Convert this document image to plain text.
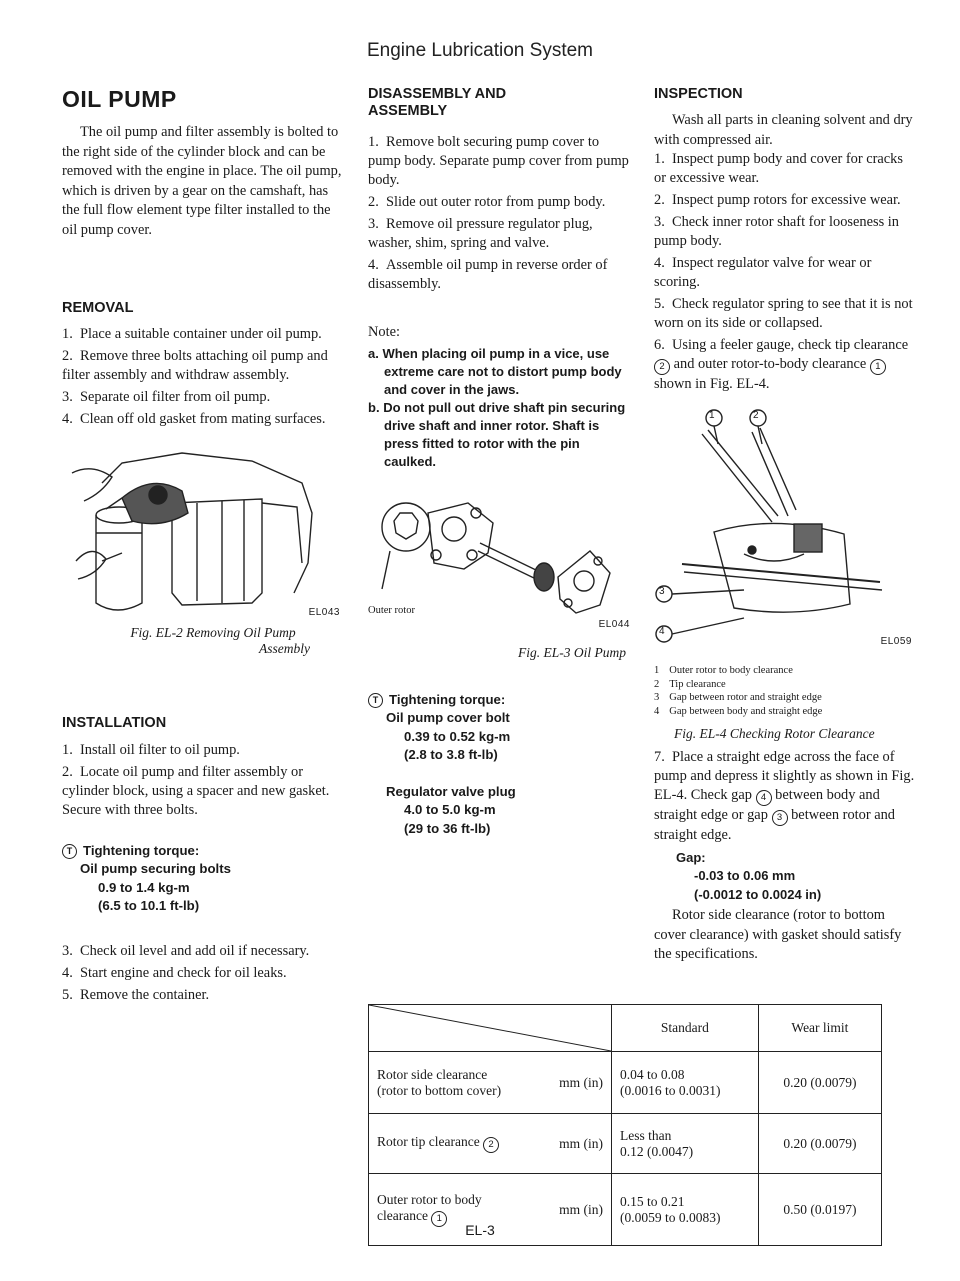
Engine Lubrication System
OIL PUMP

The oil pump and filter assembly is bolted to the right side of the cylinder block and can be removed with the engine in place. The oil pump, which is driven by a gear on the camshaft, has the full flow element type filter installed to the oil pump cover.

REMOVAL
1. Place a suitable container under oil pump.
2. Remove three bolts attaching oil pump and filter assembly and withdraw assembly.
3. Separate oil filter from oil pump.
4. Clean off old gasket from mating surfaces.
EL043
Fig. EL-2 Removing Oil Pump
Assembly
INSTALLATION
1. Install oil filter to oil pump.
2. Locate oil pump and filter assembly or cylinder block, using a spacer and new gasket. Secure with three bolts.
T Tightening torque:
Oil pump securing bolts
0.9 to 1.4 kg-m
(6.5 to 10.1 ft-lb)
3. Check oil level and add oil if necessary.
4. Start engine and check for oil leaks.
5. Remove the container.
DISASSEMBLY AND
ASSEMBLY
1. Remove bolt securing pump cover to pump body. Separate pump cover from pump body.
2. Slide out outer rotor from pump body.
3. Remove oil pressure regulator plug, washer, shim, spring and valve.
4. Assemble oil pump in reverse order of disassembly.
Note:
a. When placing oil pump in a vice, use extreme care not to distort pump body and cover in the jaws.
b. Do not pull out drive shaft pin securing drive shaft and inner rotor. Shaft is press fitted to rotor with the pin caulked.
Outer rotor
EL044
Fig. EL-3 Oil Pump
T Tightening torque:
Oil pump cover bolt
0.39 to 0.52 kg-m
(2.8 to 3.8 ft-lb)
Regulator valve plug
4.0 to 5.0 kg-m
(29 to 36 ft-lb)
INSPECTION

Wash all parts in cleaning solvent and dry with compressed air.

1. Inspect pump body and cover for cracks or excessive wear.
2. Inspect pump rotors for excessive wear.
3. Check inner rotor shaft for looseness in pump body.
4. Inspect regulator valve for wear or scoring.
5. Check regulator spring to see that it is not worn on its side or collapsed.
6. Using a feeler gauge, check tip clearance 2 and outer rotor-to-body clearance 1 shown in Fig. EL-4.
1	2
3
4
EL059
1 Outer rotor to body clearance
2 Tip clearance
3 Gap between rotor and straight edge
4 Gap between body and straight edge
Fig. EL-4 Checking Rotor Clearance
7. Place a straight edge across the face of pump and depress it slightly as shown in Fig. EL-4. Check gap 4 between body and straight edge or gap 3 between rotor and straight edge.
Gap:
-0.03 to 0.06 mm
(-0.0012 to 0.0024 in)

Rotor side clearance (rotor to bottom cover clearance) with gasket should satisfy the specifications.

	Standard	Wear limit

Rotor side clearance
(rotor to bottom cover)
mm (in)	0.04 to 0.08
(0.0016 to 0.0031)	0.20 (0.0079)

Rotor tip clearance 2 mm (in)	Less than
0.12 (0.0047)	0.20 (0.0079)

Outer rotor to body
clearance 1
mm (in)	0.15 to 0.21
(0.0059 to 0.0083)	0.50 (0.0197)
EL-3
